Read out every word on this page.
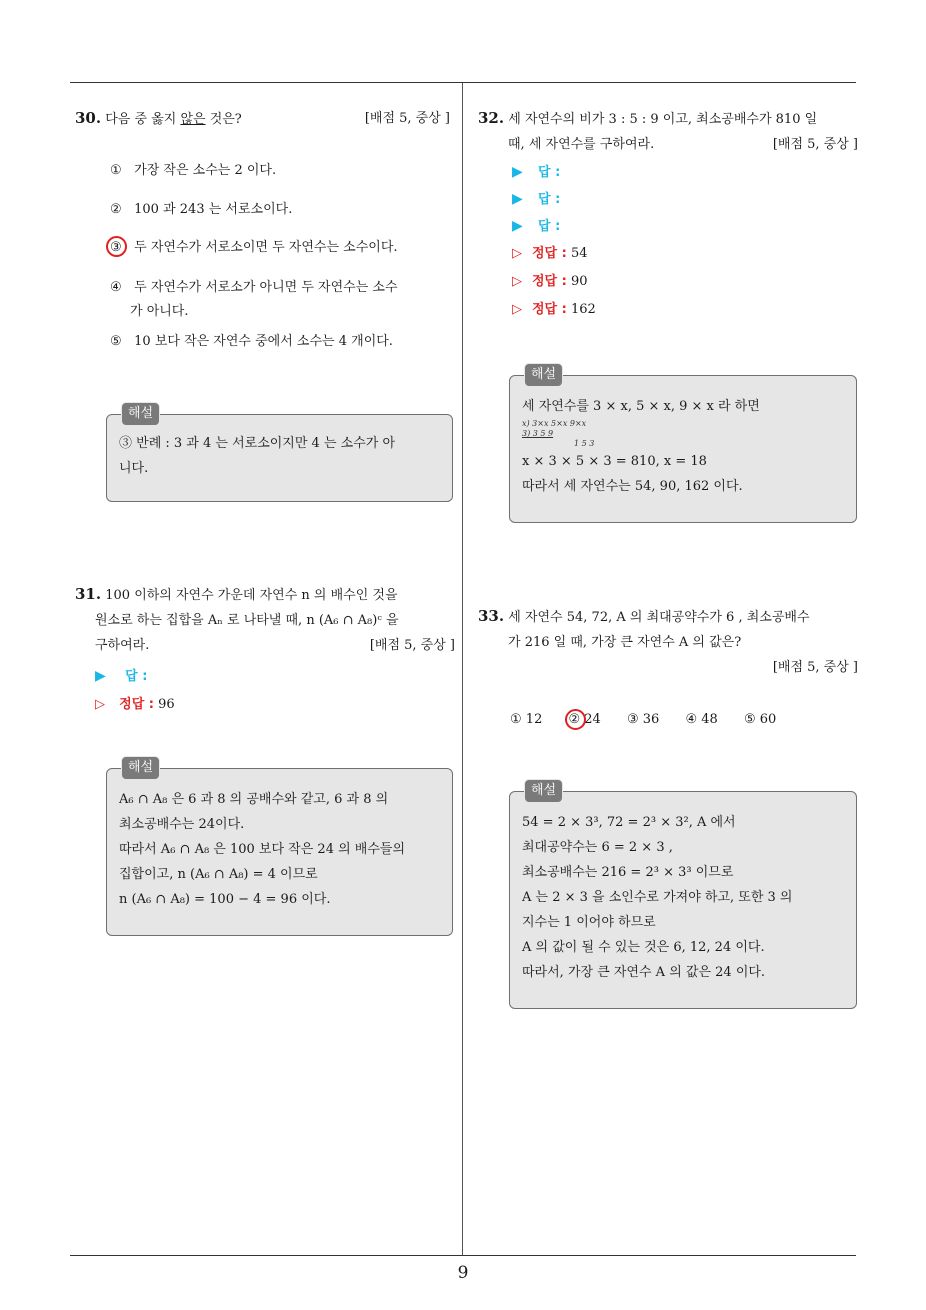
30. 다음 중 옳지 않은 것은?	[배점 5, 중상 ]
① 가장 작은 소수는 2 이다.
② 100 과 243 는 서로소이다.
③ 두 자연수가 서로소이면 두 자연수는 소수이다.
④ 두 자연수가 서로소가 아니면 두 자연수는 소수
가 아니다.
⑤ 10 보다 작은 자연수 중에서 소수는 4 개이다.
해설
③ 반례 : 3 과 4 는 서로소이지만 4 는 소수가 아
니다.
31. 100 이하의 자연수 가운데 자연수 n 의 배수인 것을
원소로 하는 집합을 Aₙ 로 나타낼 때, n (A₆ ∩ A₈)ᶜ 을
구하여라.	[배점 5, 중상 ]
▶ 답 :
▷ 정답 : 96
해설
A₆ ∩ A₈ 은 6 과 8 의 공배수와 같고, 6 과 8 의
최소공배수는 24이다.
따라서 A₆ ∩ A₈ 은 100 보다 작은 24 의 배수들의
집합이고, n (A₆ ∩ A₈) = 4 이므로
n (A₆ ∩ A₈) = 100 − 4 = 96 이다.
32. 세 자연수의 비가 3 : 5 : 9 이고, 최소공배수가 810 일
때, 세 자연수를 구하여라.	[배점 5, 중상 ]
▶ 답 :
▶ 답 :
▶ 답 :
▷ 정답 : 54
▷ 정답 : 90
▷ 정답 : 162
해설
세 자연수를 3 × x, 5 × x, 9 × x 라 하면
x) 3×x 5×x 9×x
3) 3 5 9
1 5 3
x × 3 × 5 × 3 = 810, x = 18
따라서 세 자연수는 54, 90, 162 이다.
33. 세 자연수 54, 72, A 의 최대공약수가 6 , 최소공배수
가 216 일 때, 가장 큰 자연수 A 의 값은?
[배점 5, 중상 ]
① 12 ② 24 ③ 36 ④ 48 ⑤ 60
해설
54 = 2 × 3³, 72 = 2³ × 3², A 에서
최대공약수는 6 = 2 × 3 ,
최소공배수는 216 = 2³ × 3³ 이므로
A 는 2 × 3 을 소인수로 가져야 하고, 또한 3 의
지수는 1 이어야 하므로
A 의 값이 될 수 있는 것은 6, 12, 24 이다.
따라서, 가장 큰 자연수 A 의 값은 24 이다.
9
